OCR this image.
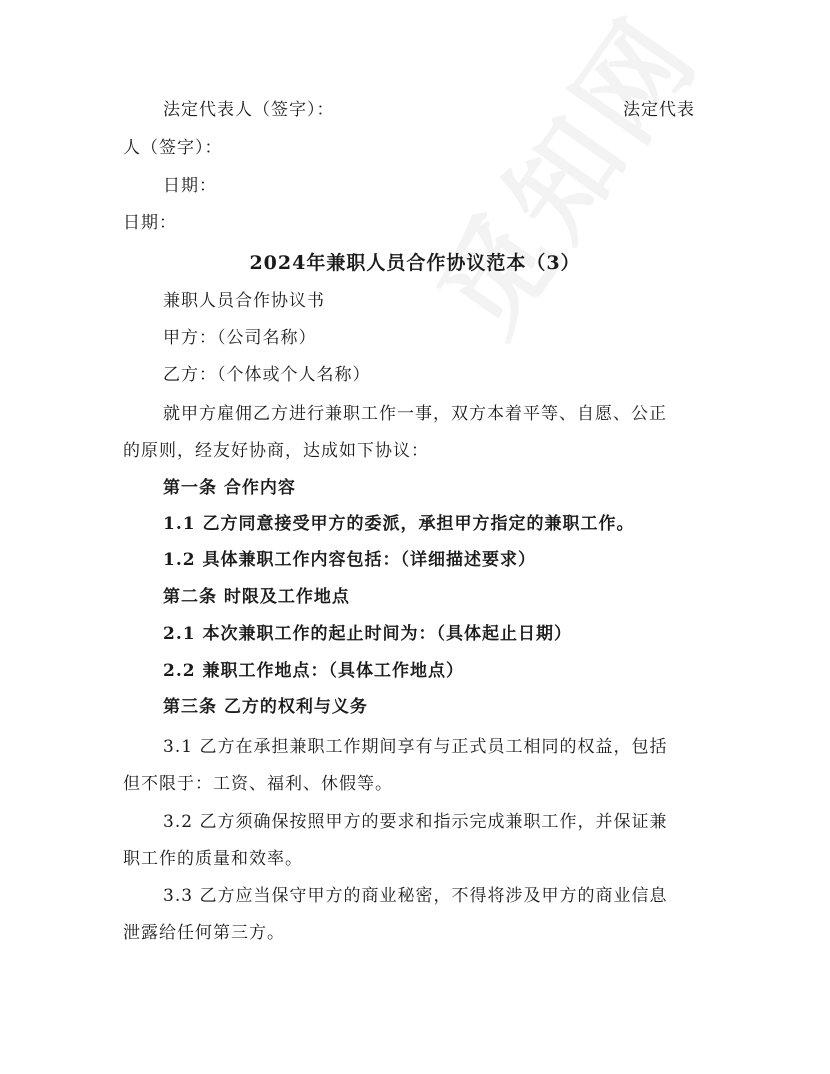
法定代表人（签字）：	法定代表
人（签字）：
日期：
日期：
2024年兼职人员合作协议范本（3）
兼职人员合作协议书
甲方：（公司名称）
乙方：（个体或个人名称）
就甲方雇佣乙方进行兼职工作一事，双方本着平等、自愿、公正
的原则，经友好协商，达成如下协议：
第一条 合作内容
1.1 乙方同意接受甲方的委派，承担甲方指定的兼职工作。
1.2 具体兼职工作内容包括：（详细描述要求）
第二条 时限及工作地点
2.1 本次兼职工作的起止时间为：（具体起止日期）
2.2 兼职工作地点：（具体工作地点）
第三条 乙方的权利与义务
3.1 乙方在承担兼职工作期间享有与正式员工相同的权益，包括
但不限于：工资、福利、休假等。
3.2 乙方须确保按照甲方的要求和指示完成兼职工作，并保证兼
职工作的质量和效率。
3.3 乙方应当保守甲方的商业秘密，不得将涉及甲方的商业信息
泄露给任何第三方。
